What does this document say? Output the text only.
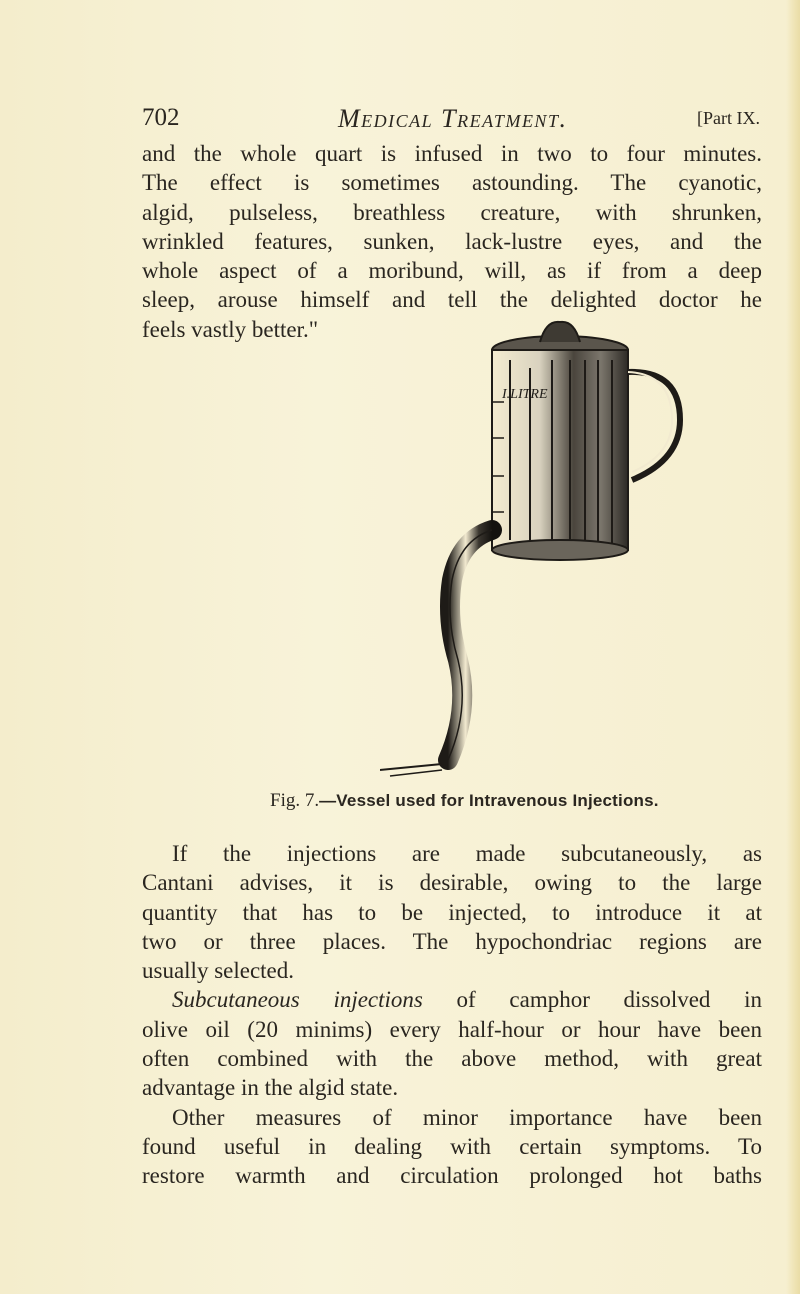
702	Medical Treatment.	[Part IX.
and the whole quart is infused in two to four minutes.
The effect is sometimes astounding. The cyanotic,
algid, pulseless, breathless creature, with shrunken,
wrinkled features, sunken, lack-lustre eyes, and the
whole aspect of a moribund, will, as if from a deep
sleep, arouse himself and tell the delighted doctor he
feels vastly better."
I.LITRE
Fig. 7.—Vessel used for Intravenous Injections.
If the injections are made subcutaneously, as
Cantani advises, it is desirable, owing to the large
quantity that has to be injected, to introduce it at
two or three places. The hypochondriac regions are
usually selected.
Subcutaneous injections of camphor dissolved in
olive oil (20 minims) every half-hour or hour have been
often combined with the above method, with great
advantage in the algid state.
Other measures of minor importance have been
found useful in dealing with certain symptoms. To
restore warmth and circulation prolonged hot baths
